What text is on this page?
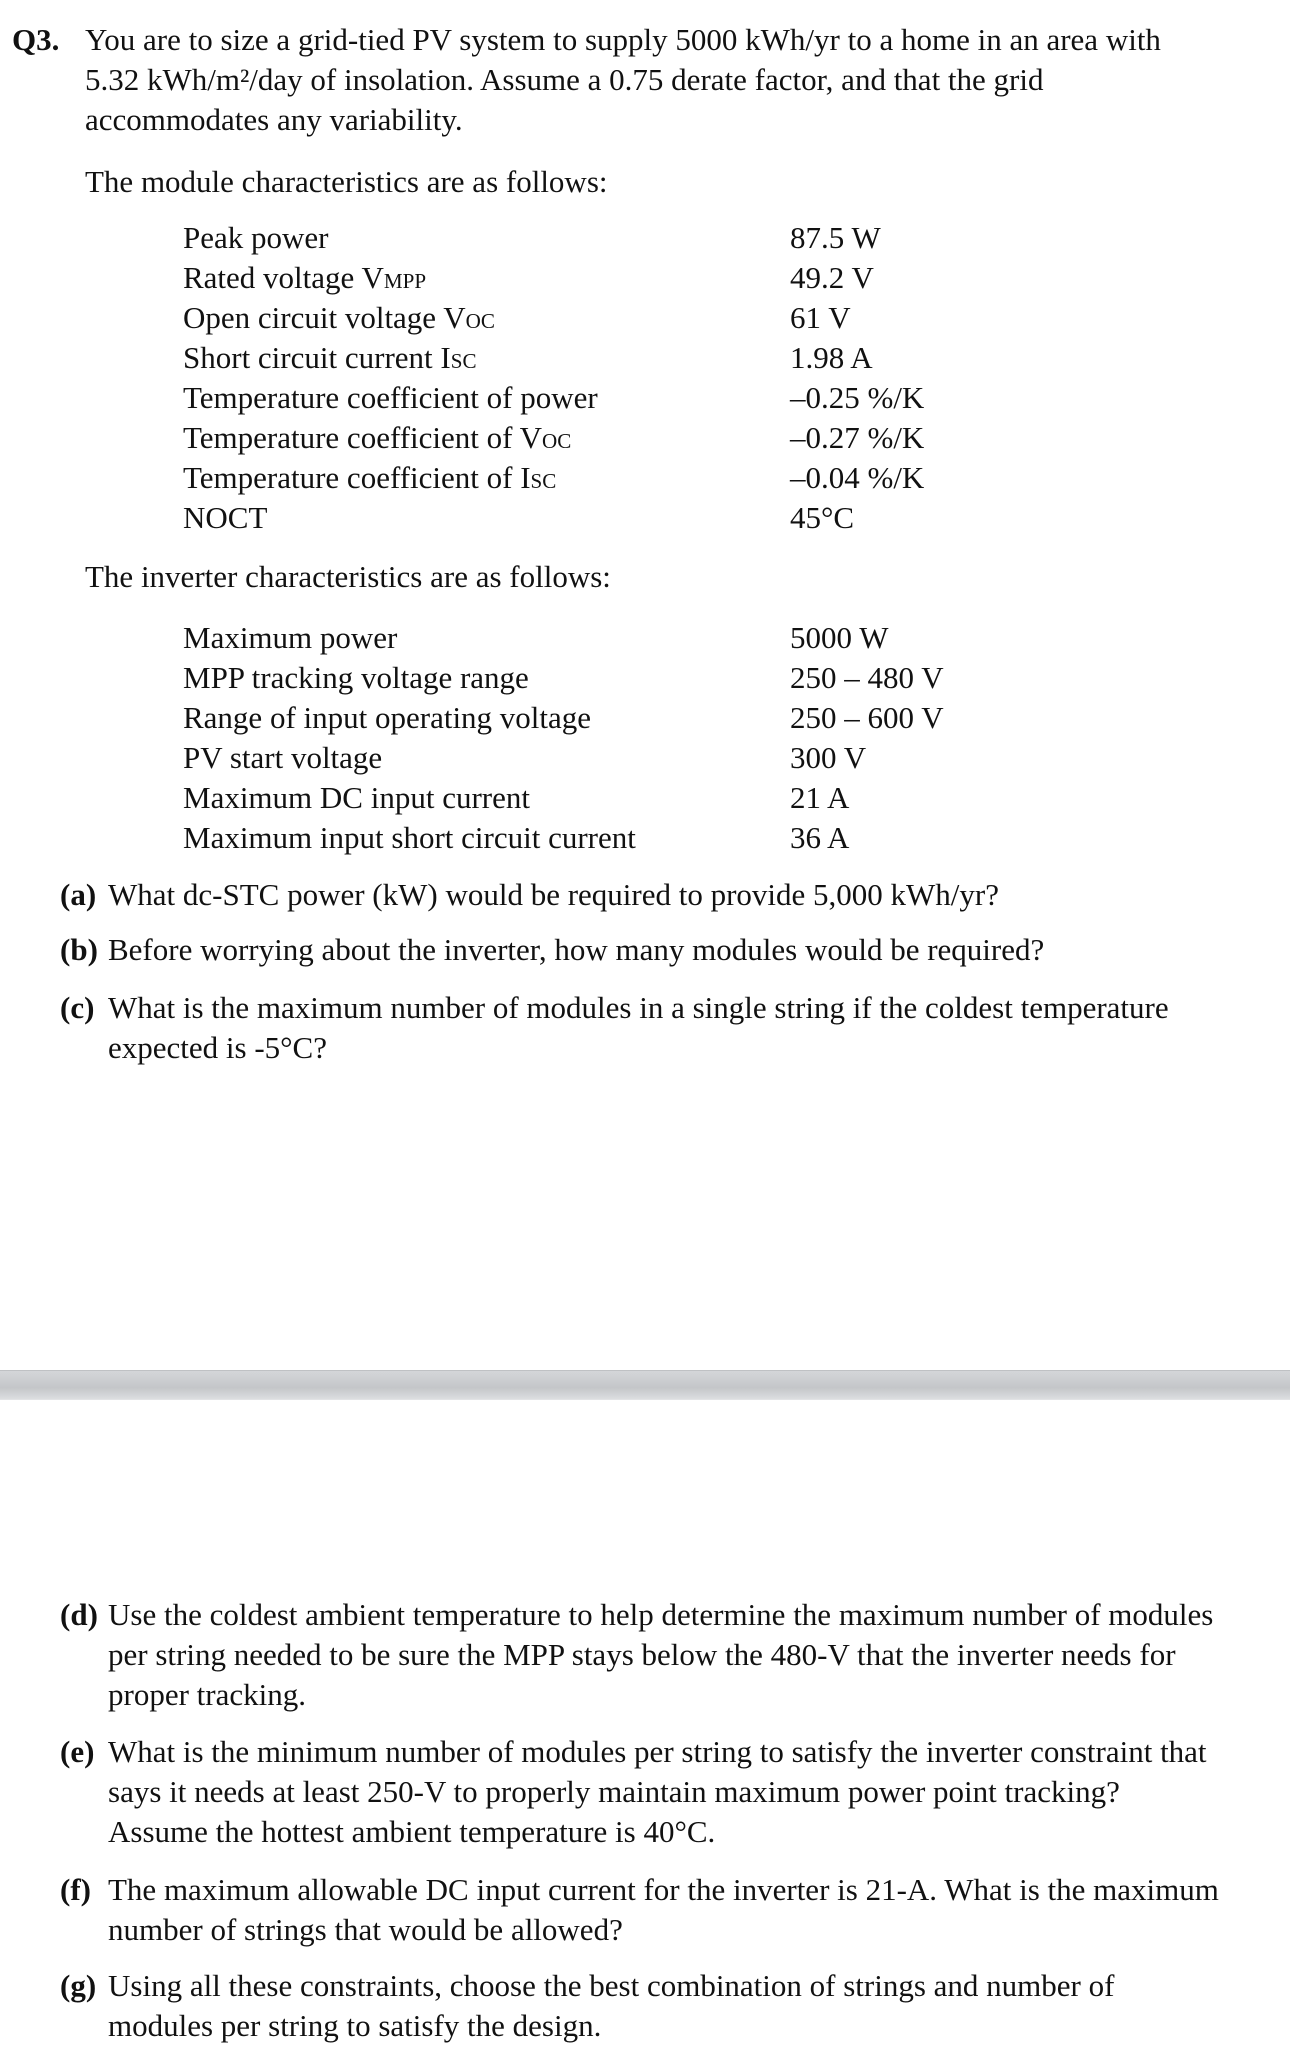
Q3. You are to size a grid-tied PV system to supply 5000 kWh/yr to a home in an area with
5.32 kWh/m²/day of insolation. Assume a 0.75 derate factor, and that the grid
accommodates any variability.
The module characteristics are as follows:
Peak power	87.5 W
Rated voltage VMPP	49.2 V
Open circuit voltage VOC	61 V
Short circuit current ISC	1.98 A
Temperature coefficient of power	–0.25 %/K
Temperature coefficient of VOC	–0.27 %/K
Temperature coefficient of ISC	–0.04 %/K
NOCT	45°C
The inverter characteristics are as follows:
Maximum power	5000 W
MPP tracking voltage range	250 – 480 V
Range of input operating voltage	250 – 600 V
PV start voltage	300 V
Maximum DC input current	21 A
Maximum input short circuit current	36 A
(a) What dc-STC power (kW) would be required to provide 5,000 kWh/yr?
(b) Before worrying about the inverter, how many modules would be required?
(c) What is the maximum number of modules in a single string if the coldest temperature
expected is -5°C?
(d) Use the coldest ambient temperature to help determine the maximum number of modules
per string needed to be sure the MPP stays below the 480-V that the inverter needs for
proper tracking.
(e) What is the minimum number of modules per string to satisfy the inverter constraint that
says it needs at least 250-V to properly maintain maximum power point tracking?
Assume the hottest ambient temperature is 40°C.
(f) The maximum allowable DC input current for the inverter is 21-A. What is the maximum
number of strings that would be allowed?
(g) Using all these constraints, choose the best combination of strings and number of
modules per string to satisfy the design.
